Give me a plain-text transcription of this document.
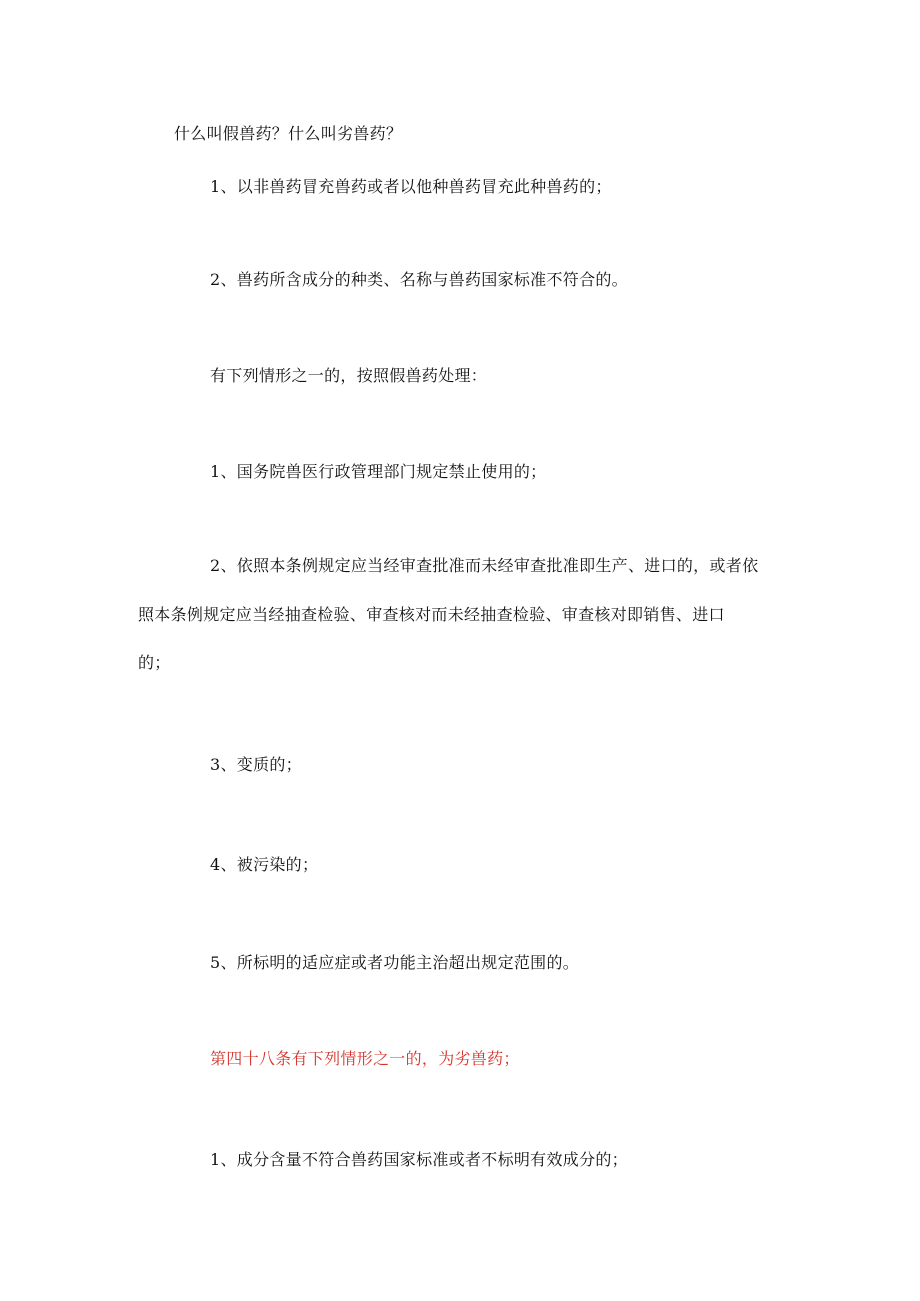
什么叫假兽药？什么叫劣兽药？
1、以非兽药冒充兽药或者以他种兽药冒充此种兽药的；
2、兽药所含成分的种类、名称与兽药国家标准不符合的。
有下列情形之一的，按照假兽药处理：
1、国务院兽医行政管理部门规定禁止使用的；
2、依照本条例规定应当经审查批准而未经审查批准即生产、进口的，或者依
照本条例规定应当经抽查检验、审查核对而未经抽查检验、审查核对即销售、进口
的；
3、变质的；
4、被污染的；
5、所标明的适应症或者功能主治超出规定范围的。
第四十八条有下列情形之一的，为劣兽药；
1、成分含量不符合兽药国家标准或者不标明有效成分的；
